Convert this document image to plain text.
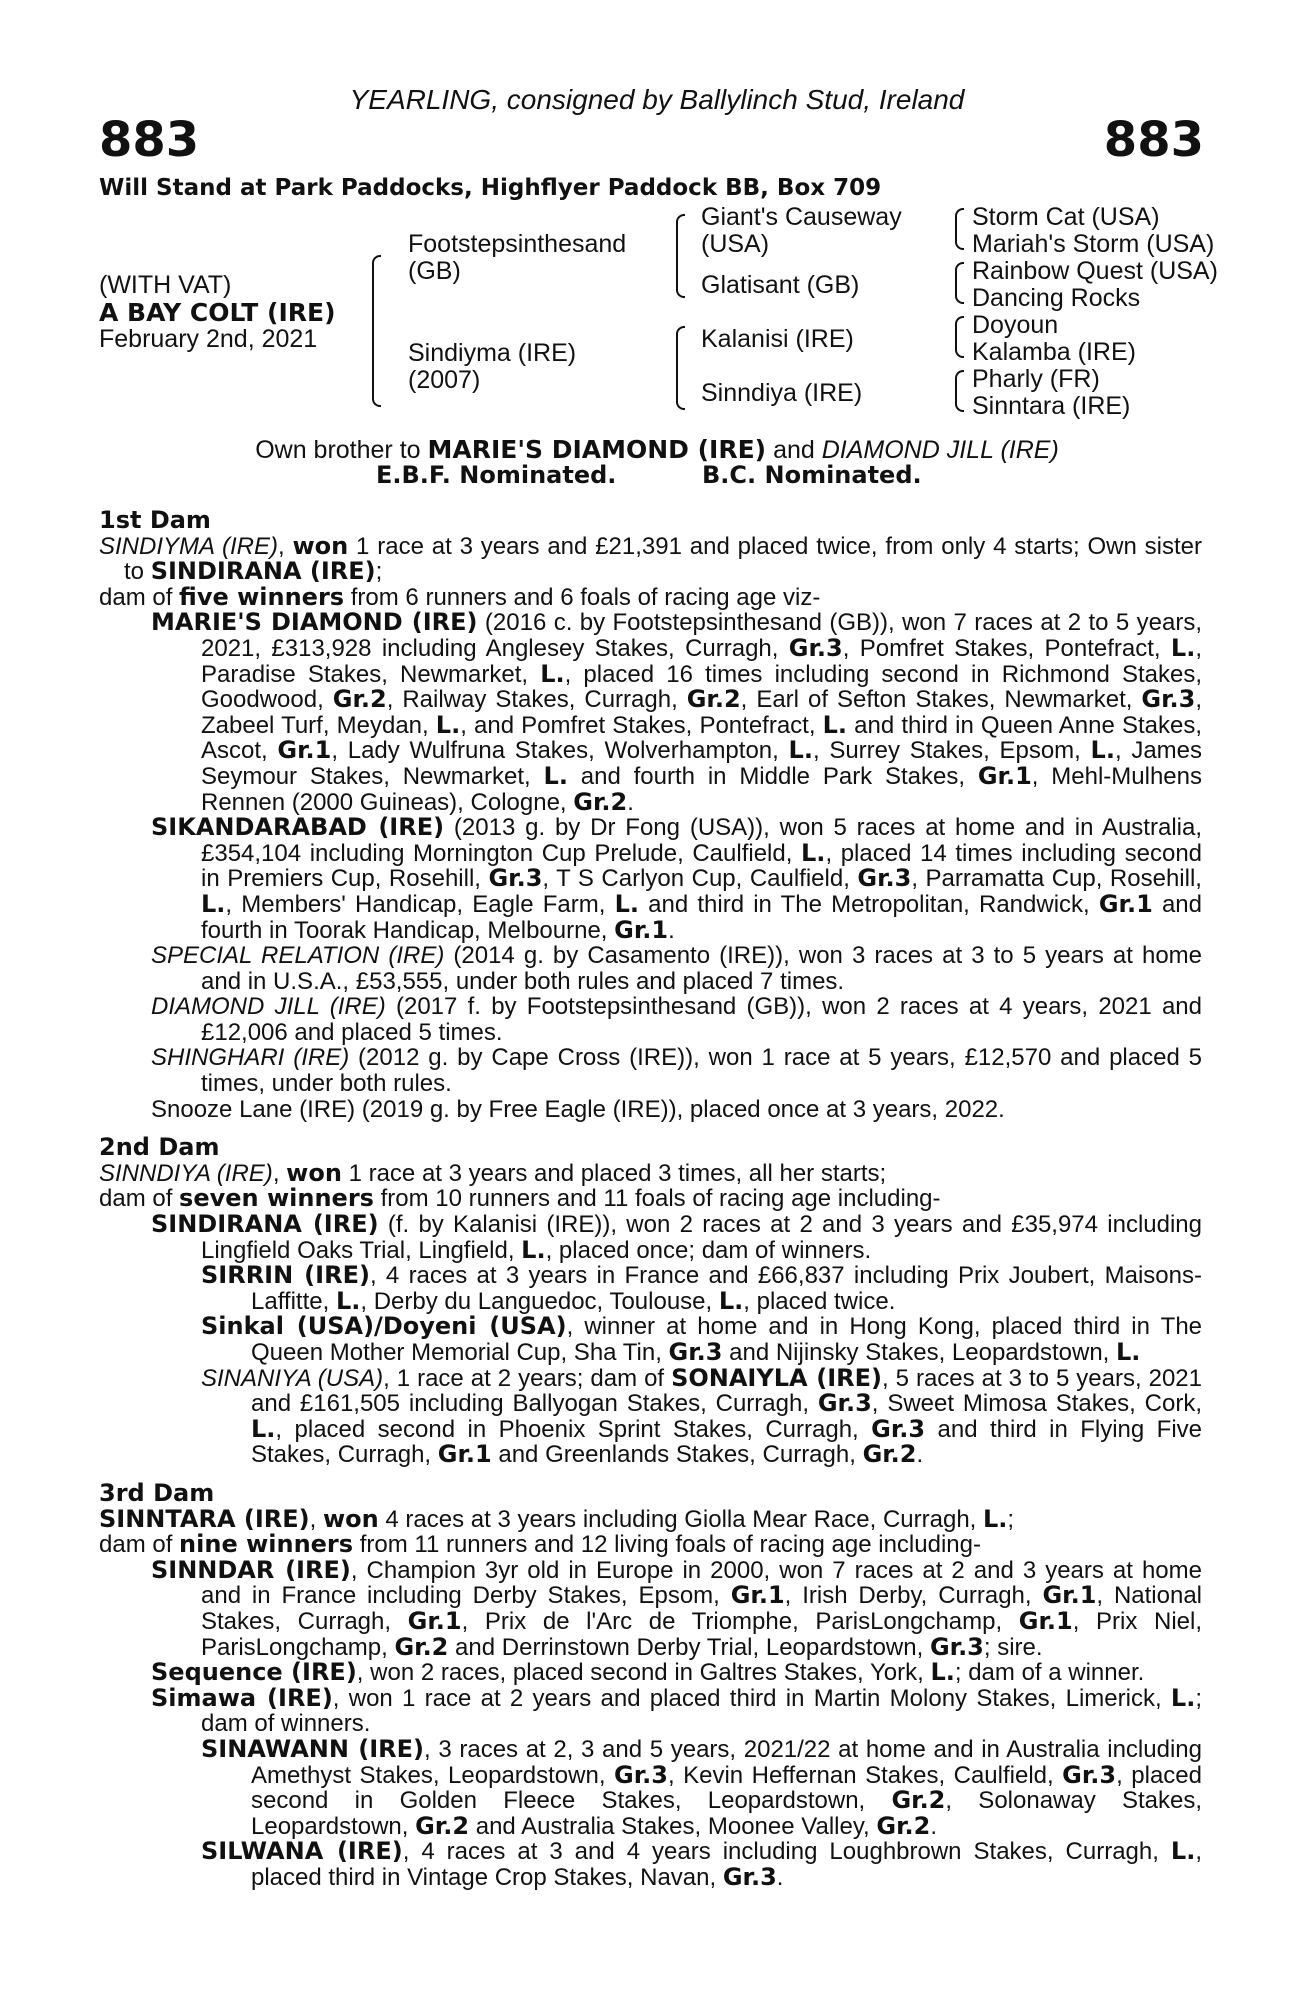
YEARLING, consigned by Ballylinch Stud, Ireland
883	883
Will Stand at Park Paddocks, Highflyer Paddock BB, Box 709
(WITH VAT)
A BAY COLT (IRE)
February 2nd, 2021
Footstepsinthesand
(GB)
Sindiyma (IRE)
(2007)
Giant's Causeway
(USA)
Glatisant (GB)
Kalanisi (IRE)
Sinndiya (IRE)
Storm Cat (USA)
Mariah's Storm (USA)
Rainbow Quest (USA)
Dancing Rocks
Doyoun
Kalamba (IRE)
Pharly (FR)
Sinntara (IRE)
Own brother to MARIE'S DIAMOND (IRE) and DIAMOND JILL (IRE)
E.B.F. Nominated.	B.C. Nominated.
1st Dam
SINDIYMA (IRE), won 1 race at 3 years and £21,391 and placed twice, from only 4 starts; Own sister to SINDIRANA (IRE);
dam of five winners from 6 runners and 6 foals of racing age viz-
MARIE'S DIAMOND (IRE) (2016 c. by Footstepsinthesand (GB)), won 7 races at 2 to 5 years, 2021, £313,928 including Anglesey Stakes, Curragh, Gr.3, Pomfret Stakes, Pontefract, L., Paradise Stakes, Newmarket, L., placed 16 times including second in Richmond Stakes, Goodwood, Gr.2, Railway Stakes, Curragh, Gr.2, Earl of Sefton Stakes, Newmarket, Gr.3, Zabeel Turf, Meydan, L., and Pomfret Stakes, Pontefract, L. and third in Queen Anne Stakes, Ascot, Gr.1, Lady Wulfruna Stakes, Wolverhampton, L., Surrey Stakes, Epsom, L., James Seymour Stakes, Newmarket, L. and fourth in Middle Park Stakes, Gr.1, Mehl-Mulhens Rennen (2000 Guineas), Cologne, Gr.2.
SIKANDARABAD (IRE) (2013 g. by Dr Fong (USA)), won 5 races at home and in Australia, £354,104 including Mornington Cup Prelude, Caulfield, L., placed 14 times including second in Premiers Cup, Rosehill, Gr.3, T S Carlyon Cup, Caulfield, Gr.3, Parramatta Cup, Rosehill, L., Members' Handicap, Eagle Farm, L. and third in The Metropolitan, Randwick, Gr.1 and fourth in Toorak Handicap, Melbourne, Gr.1.
SPECIAL RELATION (IRE) (2014 g. by Casamento (IRE)), won 3 races at 3 to 5 years at home and in U.S.A., £53,555, under both rules and placed 7 times.
DIAMOND JILL (IRE) (2017 f. by Footstepsinthesand (GB)), won 2 races at 4 years, 2021 and £12,006 and placed 5 times.
SHINGHARI (IRE) (2012 g. by Cape Cross (IRE)), won 1 race at 5 years, £12,570 and placed 5 times, under both rules.
Snooze Lane (IRE) (2019 g. by Free Eagle (IRE)), placed once at 3 years, 2022.
2nd Dam
SINNDIYA (IRE), won 1 race at 3 years and placed 3 times, all her starts;
dam of seven winners from 10 runners and 11 foals of racing age including-
SINDIRANA (IRE) (f. by Kalanisi (IRE)), won 2 races at 2 and 3 years and £35,974 including Lingfield Oaks Trial, Lingfield, L., placed once; dam of winners.
SIRRIN (IRE), 4 races at 3 years in France and £66,837 including Prix Joubert, Maisons-Laffitte, L., Derby du Languedoc, Toulouse, L., placed twice.
Sinkal (USA)/Doyeni (USA), winner at home and in Hong Kong, placed third in The Queen Mother Memorial Cup, Sha Tin, Gr.3 and Nijinsky Stakes, Leopardstown, L.
SINANIYA (USA), 1 race at 2 years; dam of SONAIYLA (IRE), 5 races at 3 to 5 years, 2021 and £161,505 including Ballyogan Stakes, Curragh, Gr.3, Sweet Mimosa Stakes, Cork, L., placed second in Phoenix Sprint Stakes, Curragh, Gr.3 and third in Flying Five Stakes, Curragh, Gr.1 and Greenlands Stakes, Curragh, Gr.2.
3rd Dam
SINNTARA (IRE), won 4 races at 3 years including Giolla Mear Race, Curragh, L.;
dam of nine winners from 11 runners and 12 living foals of racing age including-
SINNDAR (IRE), Champion 3yr old in Europe in 2000, won 7 races at 2 and 3 years at home and in France including Derby Stakes, Epsom, Gr.1, Irish Derby, Curragh, Gr.1, National Stakes, Curragh, Gr.1, Prix de l'Arc de Triomphe, ParisLongchamp, Gr.1, Prix Niel, ParisLongchamp, Gr.2 and Derrinstown Derby Trial, Leopardstown, Gr.3; sire.
Sequence (IRE), won 2 races, placed second in Galtres Stakes, York, L.; dam of a winner.
Simawa (IRE), won 1 race at 2 years and placed third in Martin Molony Stakes, Limerick, L.; dam of winners.
SINAWANN (IRE), 3 races at 2, 3 and 5 years, 2021/22 at home and in Australia including Amethyst Stakes, Leopardstown, Gr.3, Kevin Heffernan Stakes, Caulfield, Gr.3, placed second in Golden Fleece Stakes, Leopardstown, Gr.2, Solonaway Stakes, Leopardstown, Gr.2 and Australia Stakes, Moonee Valley, Gr.2.
SILWANA (IRE), 4 races at 3 and 4 years including Loughbrown Stakes, Curragh, L., placed third in Vintage Crop Stakes, Navan, Gr.3.
